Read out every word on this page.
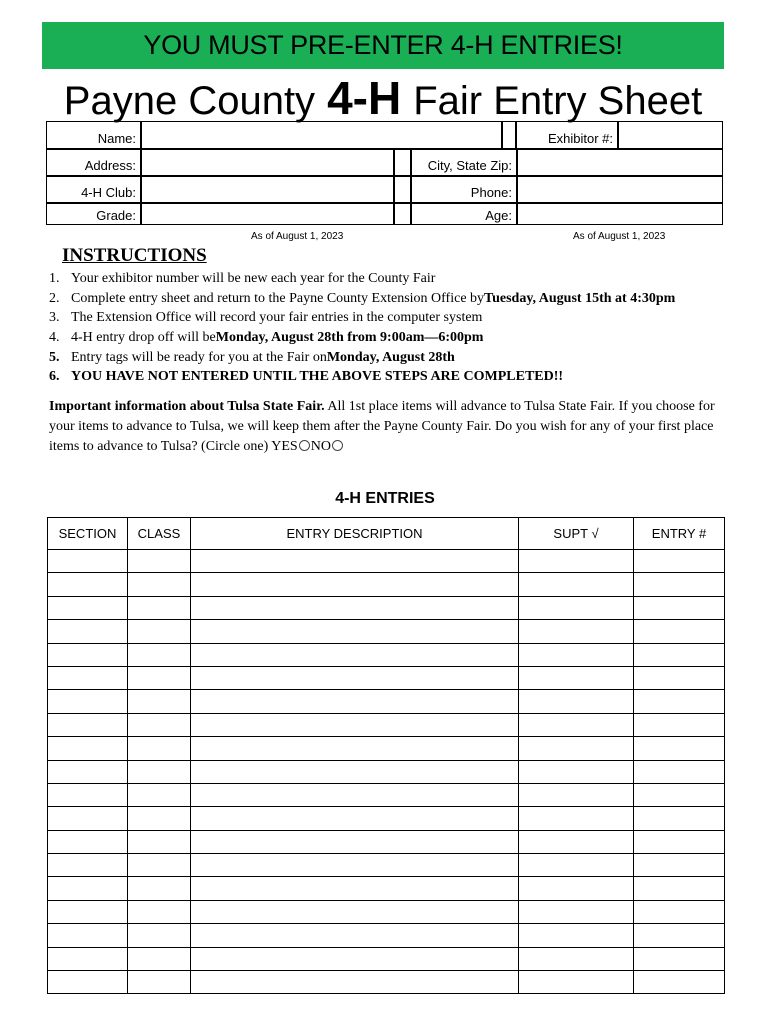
YOU MUST PRE-ENTER 4-H ENTRIES!
Payne County 4-H Fair Entry Sheet
Name:	Exhibitor #:
Address:	City, State Zip:
4-H Club:	Phone:
Grade:	Age:
As of August 1, 2023	As of August 1, 2023
INSTRUCTIONS
1. Your exhibitor number will be new each year for the County Fair
2. Complete entry sheet and return to the Payne County Extension Office by Tuesday, August 15th at 4:30pm
3. The Extension Office will record your fair entries in the computer system
4. 4-H entry drop off will be Monday, August 28th from 9:00am—6:00pm
5. Entry tags will be ready for you at the Fair on Monday, August 28th
6. YOU HAVE NOT ENTERED UNTIL THE ABOVE STEPS ARE COMPLETED!!
Important information about Tulsa State Fair. All 1st place items will advance to Tulsa State Fair. If you choose for your items to advance to Tulsa, we will keep them after the Payne County Fair. Do you wish for any of your first place items to advance to Tulsa? (Circle one) YES NO
4-H ENTRIES
SECTION	CLASS	ENTRY DESCRIPTION	SUPT √	ENTRY #
